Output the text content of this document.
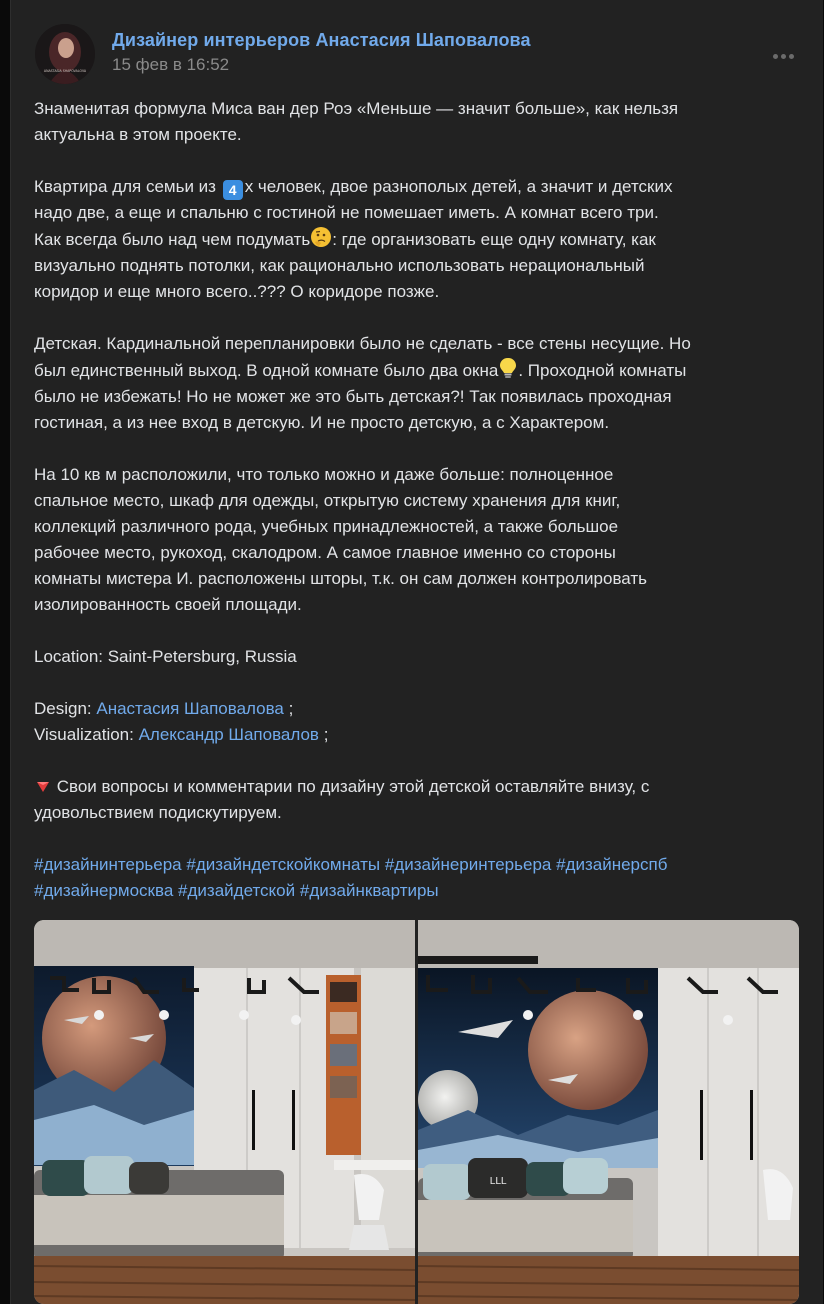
ANASTASIA SHAPOVALOVA
Дизайнер интерьеров Анастасия Шаповалова
15 фев в 16:52

Знаменитая формула Миса ван дер Роэ «Меньше — значит больше», как нельзя
актуальна в этом проекте.

Квартира для семьи из 4 х человек, двое разнополых детей, а значит и детских
надо две, а еще и спальню с гостиной не помешает иметь. А комнат всего три.
Как всегда было над чем подумать : где организовать еще одну комнату, как
визуально поднять потолки, как рационально использовать нерациональный
коридор и еще много всего..??? О коридоре позже.

Детская. Кардинальной перепланировки было не сделать - все стены несущие. Но
был единственный выход. В одной комнате было два окна . Проходной комнаты
было не избежать! Но не может же это быть детская?! Так появилась проходная
гостиная, а из нее вход в детскую. И не просто детскую, а с Характером.

На 10 кв м расположили, что только можно и даже больше: полноценное
спальное место, шкаф для одежды, открытую систему хранения для книг,
коллекций различного рода, учебных принадлежностей, а также большое
рабочее место, рукоход, скалодром. А самое главное именно со стороны
комнаты мистера И. расположены шторы, т.к. он сам должен контролировать
изолированность своей площади.

Location: Saint-Petersburg, Russia

Design: Анастасия Шаповалова ;
Visualization: Александр Шаповалов ;

Свои вопросы и комментарии по дизайну этой детской оставляйте внизу, с
удовольствием подискутируем.

#дизайнинтерьера #дизайндетскойкомнаты #дизайнеринтерьера #дизайнерспб
#дизайнермосква #дизайдетской #дизайнквартиры
LLL
